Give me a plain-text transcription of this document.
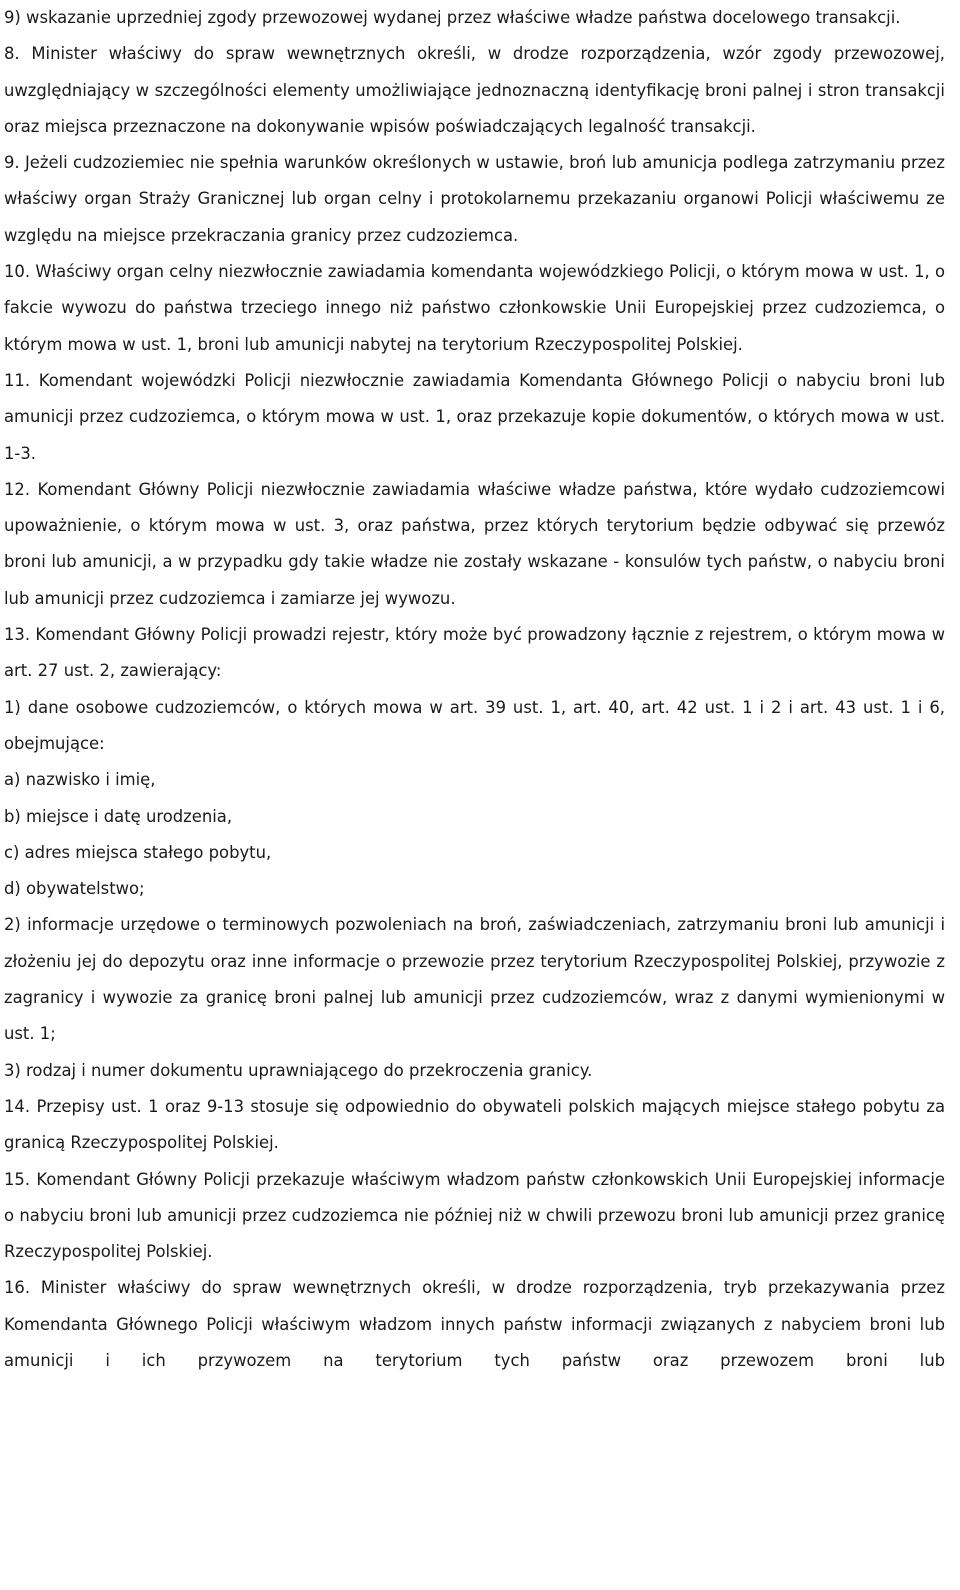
9) wskazanie uprzedniej zgody przewozowej wydanej przez właściwe władze państwa docelowego transakcji.

8. Minister właściwy do spraw wewnętrznych określi, w drodze rozporządzenia, wzór zgody przewozowej, uwzględniający w szczególności elementy umożliwiające jednoznaczną identyfikację broni palnej i stron transakcji oraz miejsca przeznaczone na dokonywanie wpisów poświadczających legalność transakcji.

9. Jeżeli cudzoziemiec nie spełnia warunków określonych w ustawie, broń lub amunicja podlega zatrzymaniu przez właściwy organ Straży Granicznej lub organ celny i protokolarnemu przekazaniu organowi Policji właściwemu ze względu na miejsce przekraczania granicy przez cudzoziemca.

10. Właściwy organ celny niezwłocznie zawiadamia komendanta wojewódzkiego Policji, o którym mowa w ust. 1, o fakcie wywozu do państwa trzeciego innego niż państwo członkowskie Unii Europejskiej przez cudzoziemca, o którym mowa w ust. 1, broni lub amunicji nabytej na terytorium Rzeczypospolitej Polskiej.

11. Komendant wojewódzki Policji niezwłocznie zawiadamia Komendanta Głównego Policji o nabyciu broni lub amunicji przez cudzoziemca, o którym mowa w ust. 1, oraz przekazuje kopie dokumentów, o których mowa w ust. 1-3.

12. Komendant Główny Policji niezwłocznie zawiadamia właściwe władze państwa, które wydało cudzoziemcowi upoważnienie, o którym mowa w ust. 3, oraz państwa, przez których terytorium będzie odbywać się przewóz broni lub amunicji, a w przypadku gdy takie władze nie zostały wskazane - konsulów tych państw, o nabyciu broni lub amunicji przez cudzoziemca i zamiarze jej wywozu.

13. Komendant Główny Policji prowadzi rejestr, który może być prowadzony łącznie z rejestrem, o którym mowa w art. 27 ust. 2, zawierający:

1) dane osobowe cudzoziemców, o których mowa w art. 39 ust. 1, art. 40, art. 42 ust. 1 i 2 i art. 43 ust. 1 i 6, obejmujące:

a) nazwisko i imię,

b) miejsce i datę urodzenia,

c) adres miejsca stałego pobytu,

d) obywatelstwo;

2) informacje urzędowe o terminowych pozwoleniach na broń, zaświadczeniach, zatrzymaniu broni lub amunicji i złożeniu jej do depozytu oraz inne informacje o przewozie przez terytorium Rzeczypospolitej Polskiej, przywozie z zagranicy i wywozie za granicę broni palnej lub amunicji przez cudzoziemców, wraz z danymi wymienionymi w ust. 1;

3) rodzaj i numer dokumentu uprawniającego do przekroczenia granicy.

14. Przepisy ust. 1 oraz 9-13 stosuje się odpowiednio do obywateli polskich mających miejsce stałego pobytu za granicą Rzeczypospolitej Polskiej.

15. Komendant Główny Policji przekazuje właściwym władzom państw członkowskich Unii Europejskiej informacje o nabyciu broni lub amunicji przez cudzoziemca nie później niż w chwili przewozu broni lub amunicji przez granicę Rzeczypospolitej Polskiej.

16. Minister właściwy do spraw wewnętrznych określi, w drodze rozporządzenia, tryb przekazywania przez Komendanta Głównego Policji właściwym władzom innych państw informacji związanych z nabyciem broni lub amunicji i ich przywozem na terytorium tych państw oraz przewozem broni lub
